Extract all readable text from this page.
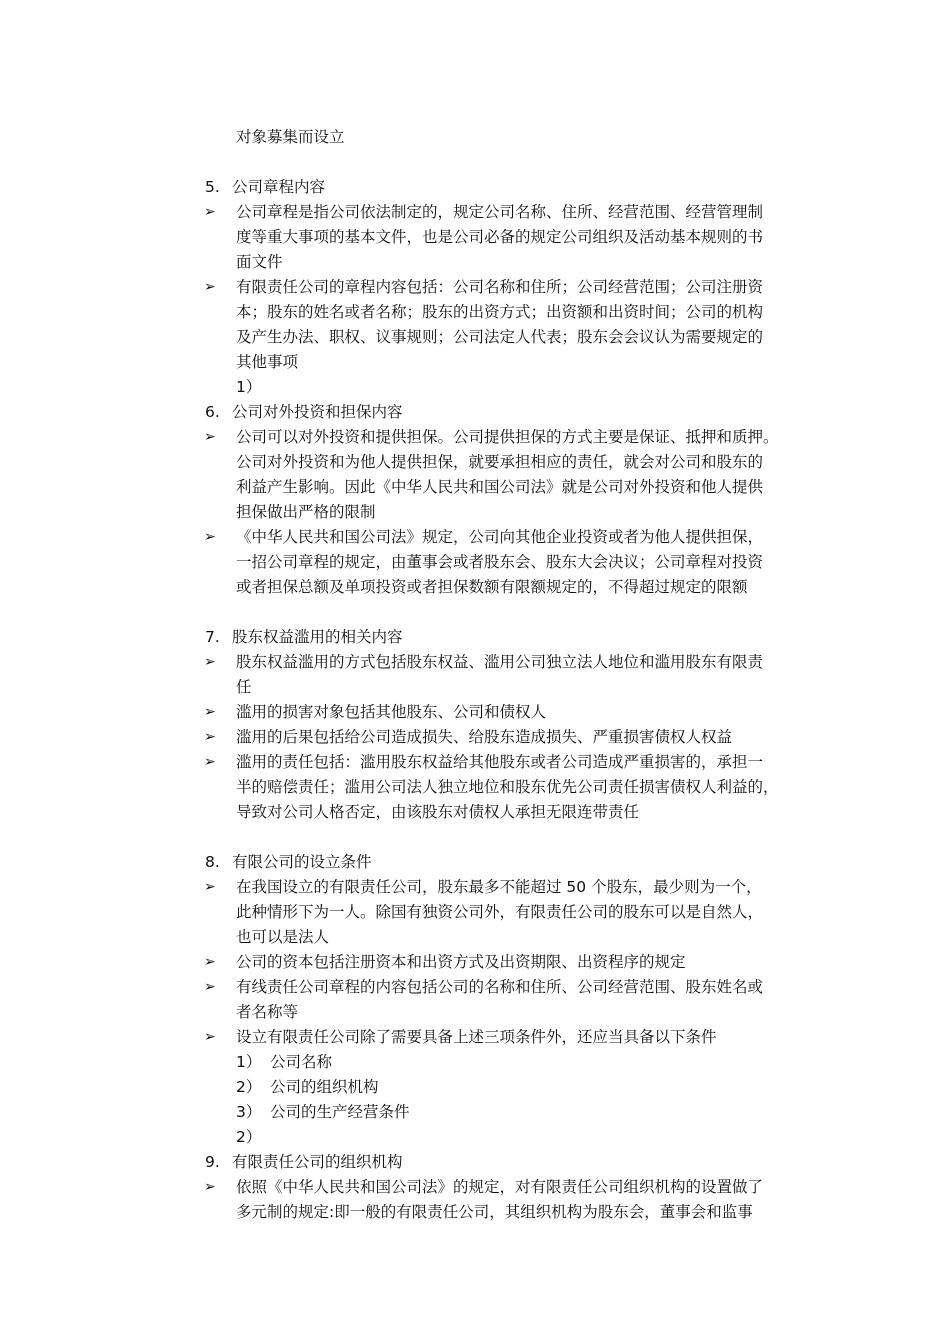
对象募集而设立
5. 公司章程内容
➢ 公司章程是指公司依法制定的，规定公司名称、住所、经营范围、经营管理制
度等重大事项的基本文件，也是公司必备的规定公司组织及活动基本规则的书
面文件
➢ 有限责任公司的章程内容包括：公司名称和住所；公司经营范围；公司注册资
本；股东的姓名或者名称；股东的出资方式；出资额和出资时间；公司的机构
及产生办法、职权、议事规则；公司法定人代表；股东会会议认为需要规定的
其他事项
1）
6. 公司对外投资和担保内容
➢ 公司可以对外投资和提供担保。公司提供担保的方式主要是保证、抵押和质押。
公司对外投资和为他人提供担保，就要承担相应的责任，就会对公司和股东的
利益产生影响。因此《中华人民共和国公司法》就是公司对外投资和他人提供
担保做出严格的限制
➢ 《中华人民共和国公司法》规定，公司向其他企业投资或者为他人提供担保，
一招公司章程的规定，由董事会或者股东会、股东大会决议；公司章程对投资
或者担保总额及单项投资或者担保数额有限额规定的，不得超过规定的限额
7. 股东权益滥用的相关内容
➢ 股东权益滥用的方式包括股东权益、滥用公司独立法人地位和滥用股东有限责
任
➢ 滥用的损害对象包括其他股东、公司和债权人
➢ 滥用的后果包括给公司造成损失、给股东造成损失、严重损害债权人权益
➢ 滥用的责任包括：滥用股东权益给其他股东或者公司造成严重损害的，承担一
半的赔偿责任；滥用公司法人独立地位和股东优先公司责任损害债权人利益的，
导致对公司人格否定，由该股东对债权人承担无限连带责任
8. 有限公司的设立条件
➢ 在我国设立的有限责任公司，股东最多不能超过 50 个股东，最少则为一个，
此种情形下为一人。除国有独资公司外，有限责任公司的股东可以是自然人，
也可以是法人
➢ 公司的资本包括注册资本和出资方式及出资期限、出资程序的规定
➢ 有线责任公司章程的内容包括公司的名称和住所、公司经营范围、股东姓名或
者名称等
➢ 设立有限责任公司除了需要具备上述三项条件外，还应当具备以下条件
1） 公司名称
2） 公司的组织机构
3） 公司的生产经营条件
2）
9. 有限责任公司的组织机构
➢ 依照《中华人民共和国公司法》的规定，对有限责任公司组织机构的设置做了
多元制的规定:即一般的有限责任公司，其组织机构为股东会，董事会和监事
